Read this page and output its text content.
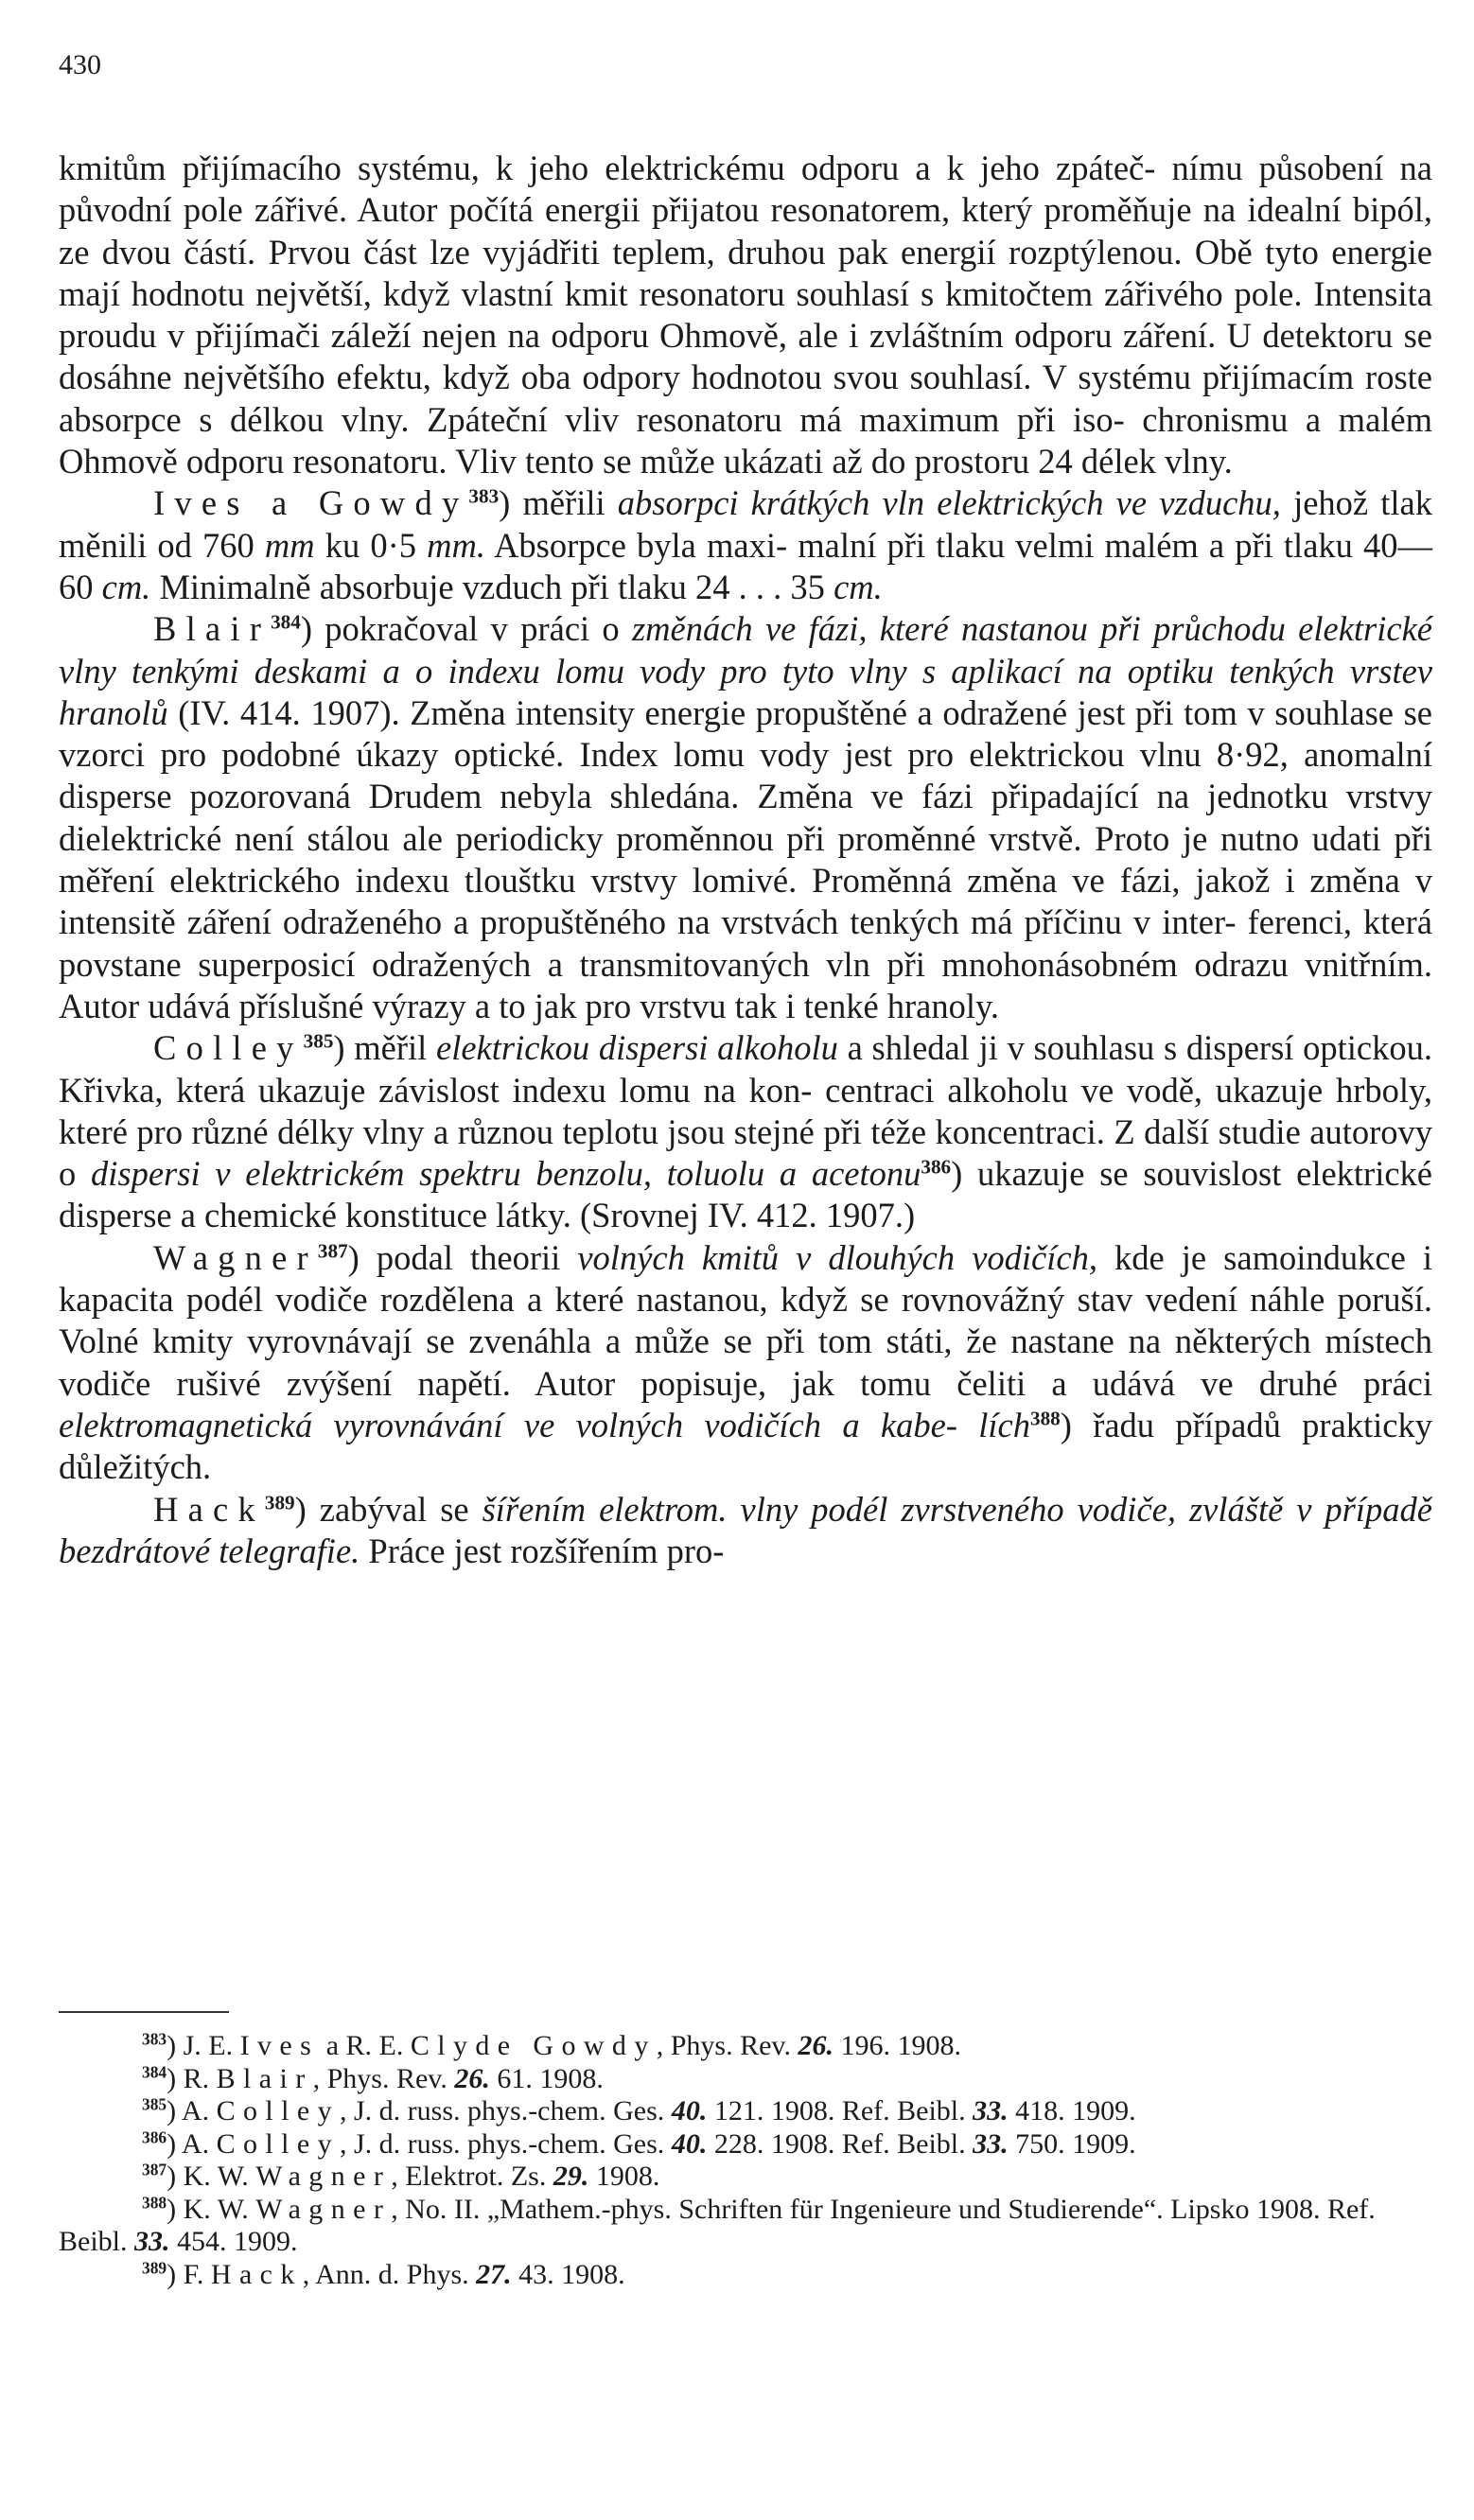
430

kmitům přijímacího systému, k jeho elektrickému odporu a k jeho zpáteč- nímu působení na původní pole zářivé. Autor počítá energii přijatou resonatorem, který proměňuje na idealní bipól, ze dvou částí. Prvou část lze vyjádřiti teplem, druhou pak energií rozptýlenou. Obě tyto energie mají hodnotu největší, když vlastní kmit resonatoru souhlasí s kmitočtem zářivého pole. Intensita proudu v přijímači záleží nejen na odporu Ohmově, ale i zvláštním odporu záření. U detektoru se dosáhne největšího efektu, když oba odpory hodnotou svou souhlasí. V systému přijímacím roste absorpce s délkou vlny. Zpáteční vliv resonatoru má maximum při iso- chronismu a malém Ohmově odporu resonatoru. Vliv tento se může ukázati až do prostoru 24 délek vlny.

Ives a Gowdy$^{383}$) měřili absorpci krátkých vln elektrických ve vzduchu, jehož tlak měnili od 760 mm ku 0·5 mm. Absorpce byla maxi- malní při tlaku velmi malém a při tlaku 40—60 cm. Minimalně absorbuje vzduch při tlaku 24 . . . 35 cm.

Blair$^{384}$) pokračoval v práci o změnách ve fázi, které nastanou při průchodu elektrické vlny tenkými deskami a o indexu lomu vody pro tyto vlny s aplikací na optiku tenkých vrstev hranolů (IV. 414. 1907). Změna intensity energie propuštěné a odražené jest při tom v souhlase se vzorci pro podobné úkazy optické. Index lomu vody jest pro elektrickou vlnu 8·92, anomalní disperse pozorovaná Drudem nebyla shledána. Změna ve fázi připadající na jednotku vrstvy dielektrické není stálou ale periodicky proměnnou při proměnné vrstvě. Proto je nutno udati při měření elektrického indexu tlouštku vrstvy lomivé. Proměnná změna ve fázi, jakož i změna v intensitě záření odraženého a propuštěného na vrstvách tenkých má příčinu v inter- ferenci, která povstane superposicí odražených a transmitovaných vln při mnohonásobném odrazu vnitřním. Autor udává příslušné výrazy a to jak pro vrstvu tak i tenké hranoly.

Colley$^{385}$) měřil elektrickou dispersi alkoholu a shledal ji v souhlasu s dispersí optickou. Křivka, která ukazuje závislost indexu lomu na kon- centraci alkoholu ve vodě, ukazuje hrboly, které pro různé délky vlny a různou teplotu jsou stejné při téže koncentraci. Z další studie autorovy o dispersi v elektrickém spektru benzolu, toluolu a acetonu$^{386}$) ukazuje se souvislost elektrické disperse a chemické konstituce látky. (Srovnej IV. 412. 1907.)

Wagner$^{387}$) podal theorii volných kmitů v dlouhých vodičích, kde je samoindukce i kapacita podél vodiče rozdělena a které nastanou, když se rovnovážný stav vedení náhle poruší. Volné kmity vyrovnávají se zvenáhla a může se při tom státi, že nastane na některých místech vodiče rušivé zvýšení napětí. Autor popisuje, jak tomu čeliti a udává ve druhé práci elektromagnetická vyrovnávání ve volných vodičích a kabe- lích$^{388}$) řadu případů prakticky důležitých.

Hack$^{389}$) zabýval se šířením elektrom. vlny podél zvrstveného vodiče, zvláště v případě bezdrátové telegrafie. Práce jest rozšířením pro-

$^{383}$) J. E. Ives a R. E. Clyde Gowdy, Phys. Rev. 26. 196. 1908.
$^{384}$) R. Blair, Phys. Rev. 26. 61. 1908.
$^{385}$) A. Colley, J. d. russ. phys.-chem. Ges. 40. 121. 1908. Ref. Beibl. 33. 418. 1909.
$^{386}$) A. Colley, J. d. russ. phys.-chem. Ges. 40. 228. 1908. Ref. Beibl. 33. 750. 1909.
$^{387}$) K. W. Wagner, Elektrot. Zs. 29. 1908.
$^{388}$) K. W. Wagner, No. II. „Mathem.-phys. Schriften für Ingenieure und Studierende“. Lipsko 1908. Ref. Beibl. 33. 454. 1909.
$^{389}$) F. Hack, Ann. d. Phys. 27. 43. 1908.
